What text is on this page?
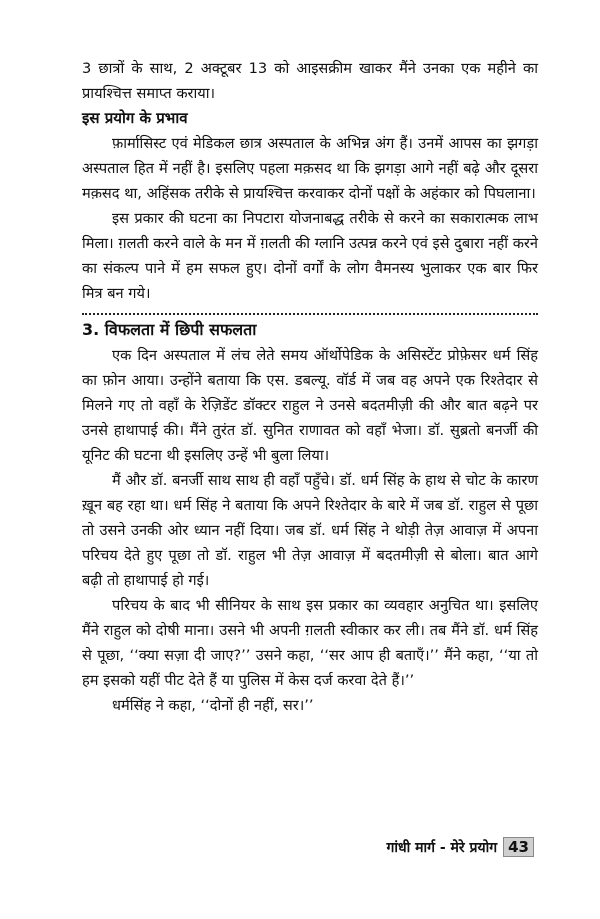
3 छात्रों के साथ, 2 अक्टूबर 13 को आइसक्रीम खाकर मैंने उनका एक महीने का प्रायश्चित्त समाप्त कराया।

इस प्रयोग के प्रभाव

फ़ार्मासिस्ट एवं मेडिकल छात्र अस्पताल के अभिन्न अंग हैं। उनमें आपस का झगड़ा अस्पताल हित में नहीं है। इसलिए पहला मक़सद था कि झगड़ा आगे नहीं बढ़े और दूसरा मक़सद था, अहिंसक तरीके से प्रायश्चित्त करवाकर दोनों पक्षों के अहंकार को पिघलाना।

इस प्रकार की घटना का निपटारा योजनाबद्ध तरीके से करने का सकारात्मक लाभ मिला। ग़लती करने वाले के मन में ग़लती की ग्लानि उत्पन्न करने एवं इसे दुबारा नहीं करने का संकल्प पाने में हम सफल हुए। दोनों वर्गों के लोग वैमनस्य भुलाकर एक बार फिर मित्र बन गये।

3. विफलता में छिपी सफलता

एक दिन अस्पताल में लंच लेते समय ऑर्थोपेडिक के असिस्टेंट प्रोफ़ेसर धर्म सिंह का फ़ोन आया। उन्होंने बताया कि एस. डबल्यू. वॉर्ड में जब वह अपने एक रिश्तेदार से मिलने गए तो वहाँ के रेज़िडेंट डॉक्टर राहुल ने उनसे बदतमीज़ी की और बात बढ़ने पर उनसे हाथापाई की। मैंने तुरंत डॉ. सुनित राणावत को वहाँ भेजा। डॉ. सुब्रतो बनर्जी की यूनिट की घटना थी इसलिए उन्हें भी बुला लिया।

मैं और डॉ. बनर्जी साथ साथ ही वहाँ पहुँचे। डॉ. धर्म सिंह के हाथ से चोट के कारण ख़ून बह रहा था। धर्म सिंह ने बताया कि अपने रिश्तेदार के बारे में जब डॉ. राहुल से पूछा तो उसने उनकी ओर ध्यान नहीं दिया। जब डॉ. धर्म सिंह ने थोड़ी तेज़ आवाज़ में अपना परिचय देते हुए पूछा तो डॉ. राहुल भी तेज़ आवाज़ में बदतमीज़ी से बोला। बात आगे बढ़ी तो हाथापाई हो गई।

परिचय के बाद भी सीनियर के साथ इस प्रकार का व्यवहार अनुचित था। इसलिए मैंने राहुल को दोषी माना। उसने भी अपनी ग़लती स्वीकार कर ली। तब मैंने डॉ. धर्म सिंह से पूछा, ‘‘क्या सज़ा दी जाए?’’ उसने कहा, ‘‘सर आप ही बताएँ।’’ मैंने कहा, ‘‘या तो हम इसको यहीं पीट देते हैं या पुलिस में केस दर्ज करवा देते हैं।’’

धर्मसिंह ने कहा, ‘‘दोनों ही नहीं, सर।’’

गांधी मार्ग - मेरे प्रयोग 43
